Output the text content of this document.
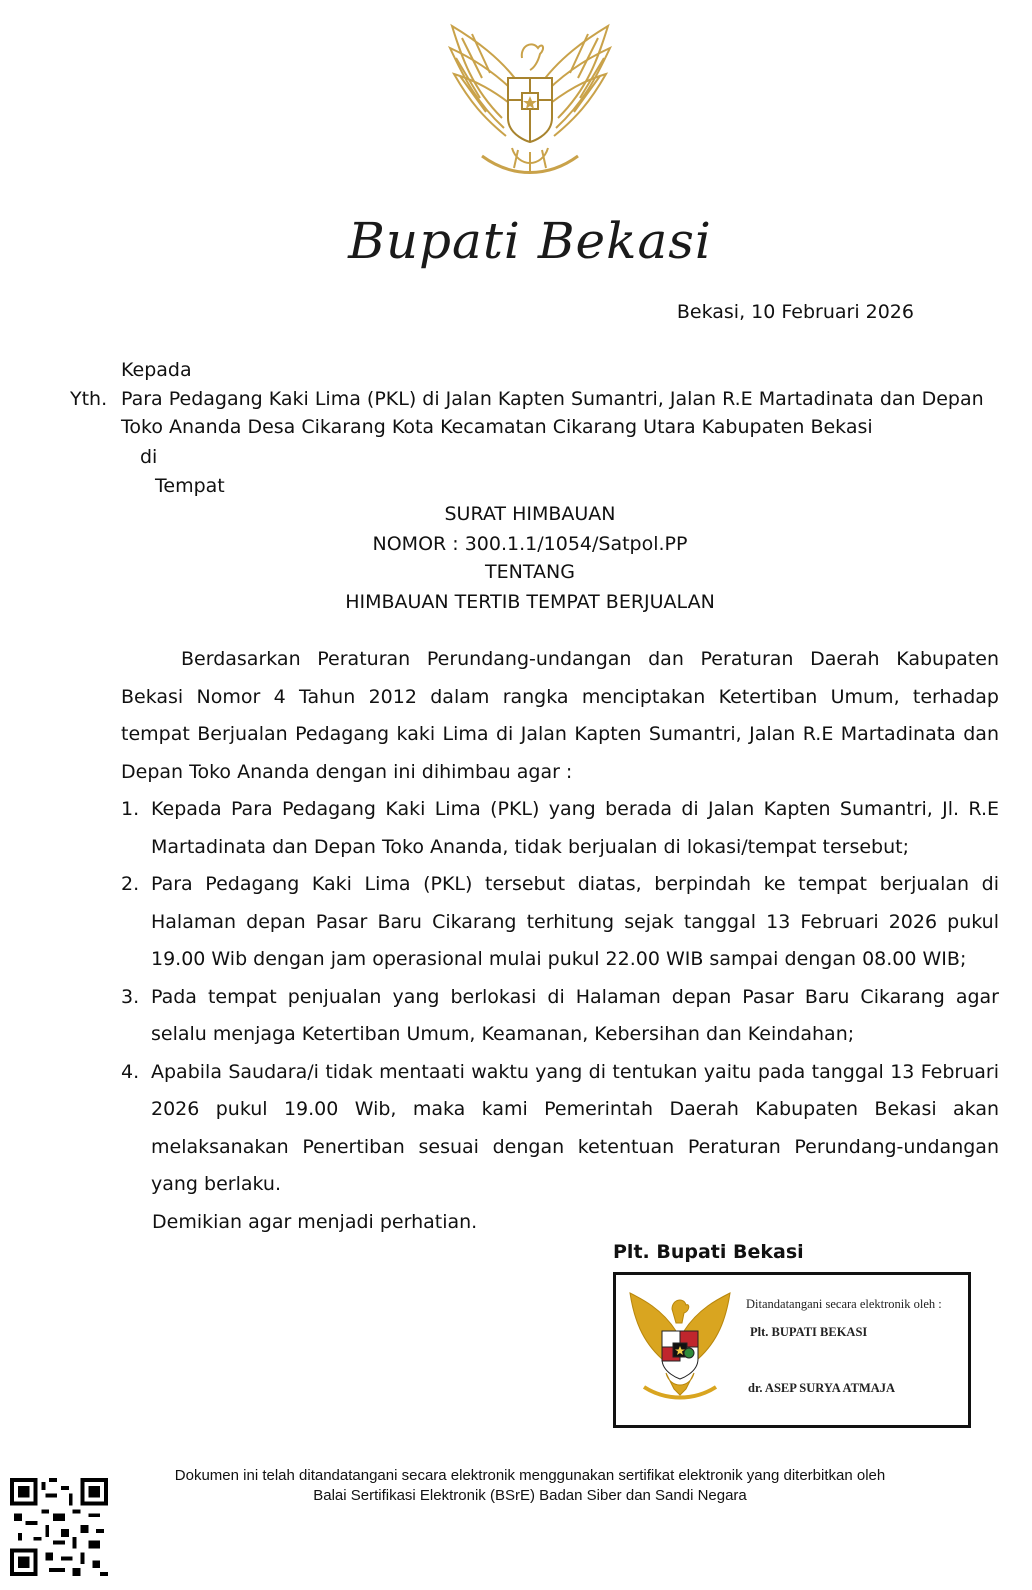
Bupati Bekasi
Bekasi, 10 Februari 2026
Kepada
Yth. Para Pedagang Kaki Lima (PKL) di Jalan Kapten Sumantri, Jalan R.E Martadinata dan Depan Toko Ananda Desa Cikarang Kota Kecamatan Cikarang Utara Kabupaten Bekasi
di
Tempat
SURAT HIMBAUAN
NOMOR : 300.1.1/1054/Satpol.PP
TENTANG
HIMBAUAN TERTIB TEMPAT BERJUALAN
Berdasarkan Peraturan Perundang-undangan dan Peraturan Daerah Kabupaten Bekasi Nomor 4 Tahun 2012 dalam rangka menciptakan Ketertiban Umum, terhadap tempat Berjualan Pedagang kaki Lima di Jalan Kapten Sumantri, Jalan R.E Martadinata dan Depan Toko Ananda dengan ini dihimbau agar :
1. Kepada Para Pedagang Kaki Lima (PKL) yang berada di Jalan Kapten Sumantri, Jl. R.E Martadinata dan Depan Toko Ananda, tidak berjualan di lokasi/tempat tersebut;
2. Para Pedagang Kaki Lima (PKL) tersebut diatas, berpindah ke tempat berjualan di Halaman depan Pasar Baru Cikarang terhitung sejak tanggal 13 Februari 2026 pukul 19.00 Wib dengan jam operasional mulai pukul 22.00 WIB sampai dengan 08.00 WIB;
3. Pada tempat penjualan yang berlokasi di Halaman depan Pasar Baru Cikarang agar selalu menjaga Ketertiban Umum, Keamanan, Kebersihan dan Keindahan;
4. Apabila Saudara/i tidak mentaati waktu yang di tentukan yaitu pada tanggal 13 Februari 2026 pukul 19.00 Wib, maka kami Pemerintah Daerah Kabupaten Bekasi akan melaksanakan Penertiban sesuai dengan ketentuan Peraturan Perundang-undangan yang berlaku.
Demikian agar menjadi perhatian.
Plt. Bupati Bekasi
Ditandatangani secara elektronik oleh :
Plt. BUPATI BEKASI
dr. ASEP SURYA ATMAJA
Dokumen ini telah ditandatangani secara elektronik menggunakan sertifikat elektronik yang diterbitkan oleh
Balai Sertifikasi Elektronik (BSrE) Badan Siber dan Sandi Negara
